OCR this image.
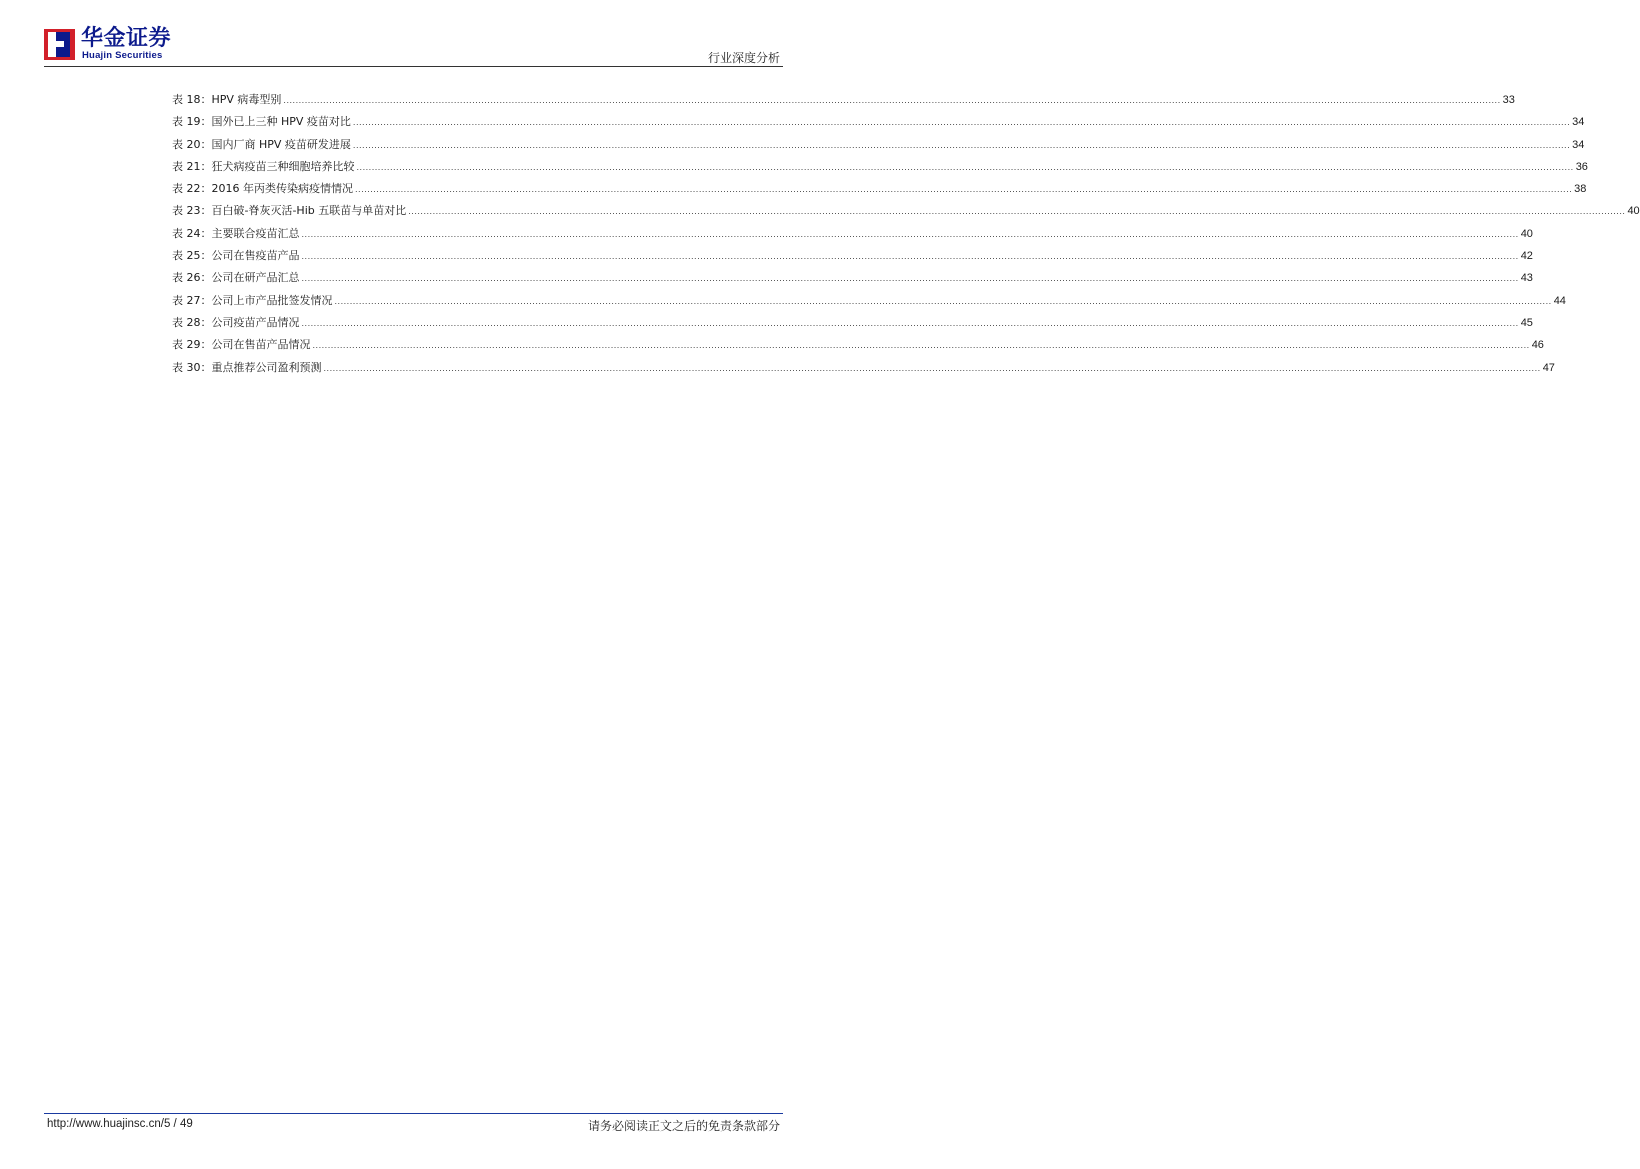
华金证券
Huajin Securities	行业深度分析
表 18：HPV 病毒型别 ................................................................................................................................................................................................................................................................................................................................................................................................................ 33
表 19：国外已上三种 HPV 疫苗对比 ................................................................................................................................................................................................................................................................................................................................................................................................................ 34
表 20：国内厂商 HPV 疫苗研发进展 ................................................................................................................................................................................................................................................................................................................................................................................................................ 34
表 21：狂犬病疫苗三种细胞培养比较 ................................................................................................................................................................................................................................................................................................................................................................................................................ 36
表 22：2016 年丙类传染病疫情情况 ................................................................................................................................................................................................................................................................................................................................................................................................................ 38
表 23：百白破-脊灰灭活-Hib 五联苗与单苗对比 ................................................................................................................................................................................................................................................................................................................................................................................................................ 40
表 24：主要联合疫苗汇总 ................................................................................................................................................................................................................................................................................................................................................................................................................ 40
表 25：公司在售疫苗产品 ................................................................................................................................................................................................................................................................................................................................................................................................................ 42
表 26：公司在研产品汇总 ................................................................................................................................................................................................................................................................................................................................................................................................................ 43
表 27：公司上市产品批签发情况 ................................................................................................................................................................................................................................................................................................................................................................................................................ 44
表 28：公司疫苗产品情况 ................................................................................................................................................................................................................................................................................................................................................................................................................ 45
表 29：公司在售苗产品情况 ................................................................................................................................................................................................................................................................................................................................................................................................................ 46
表 30：重点推荐公司盈利预测 ................................................................................................................................................................................................................................................................................................................................................................................................................ 47
http://www.huajinsc.cn/5 / 49	请务必阅读正文之后的免责条款部分
